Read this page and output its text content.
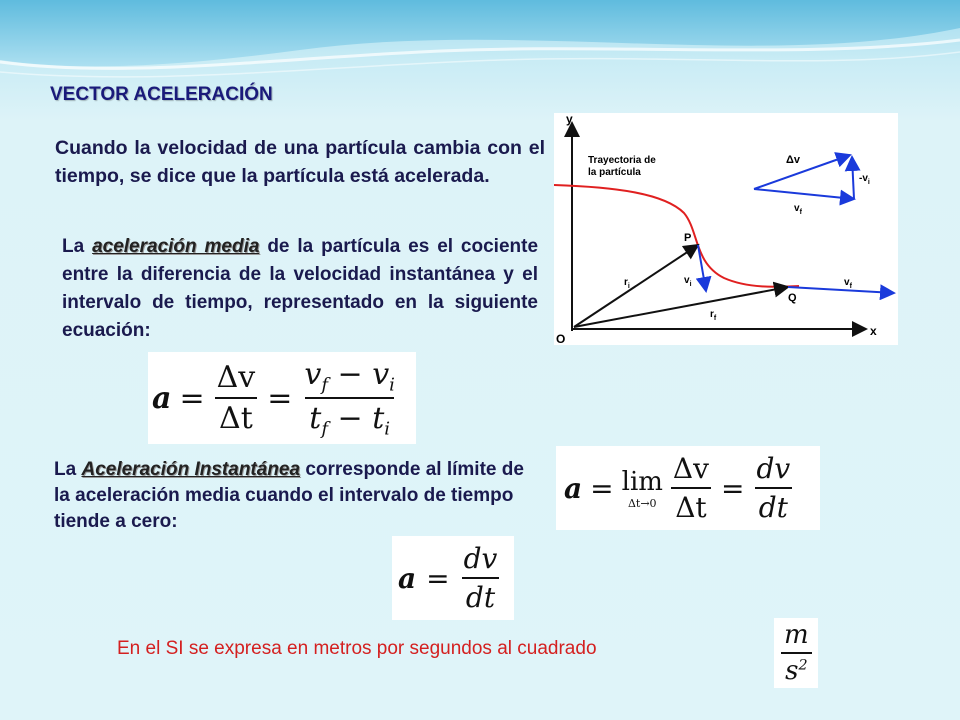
VECTOR ACELERACIÓN
Cuando la velocidad de una partícula cambia con el tiempo, se dice que la partícula está acelerada.
La aceleración media de la partícula es el cociente entre la diferencia de la velocidad instantánea y el intervalo de tiempo, representado en la siguiente ecuación:
La Aceleración Instantánea corresponde al límite de la aceleración media cuando el intervalo de tiempo tiende a cero:
y
x
O
Trayectoria de
la partícula
$r_i$
$r_f$
P
Q
$v_i$	$v_f$
Δv
$-v_i$
$v_f$
$a = \frac{\Delta v}{\Delta t} = \frac{v_f - v_i}{t_f - t_i}$
a = lim
$\Delta t\to 0 \frac{\Delta v}{\Delta t} = \frac{dv}{dt}$
$a = \frac{dv}{dt}$
En el SI se expresa en metros por segundos al cuadrado	$\frac{m}{s^2}$
